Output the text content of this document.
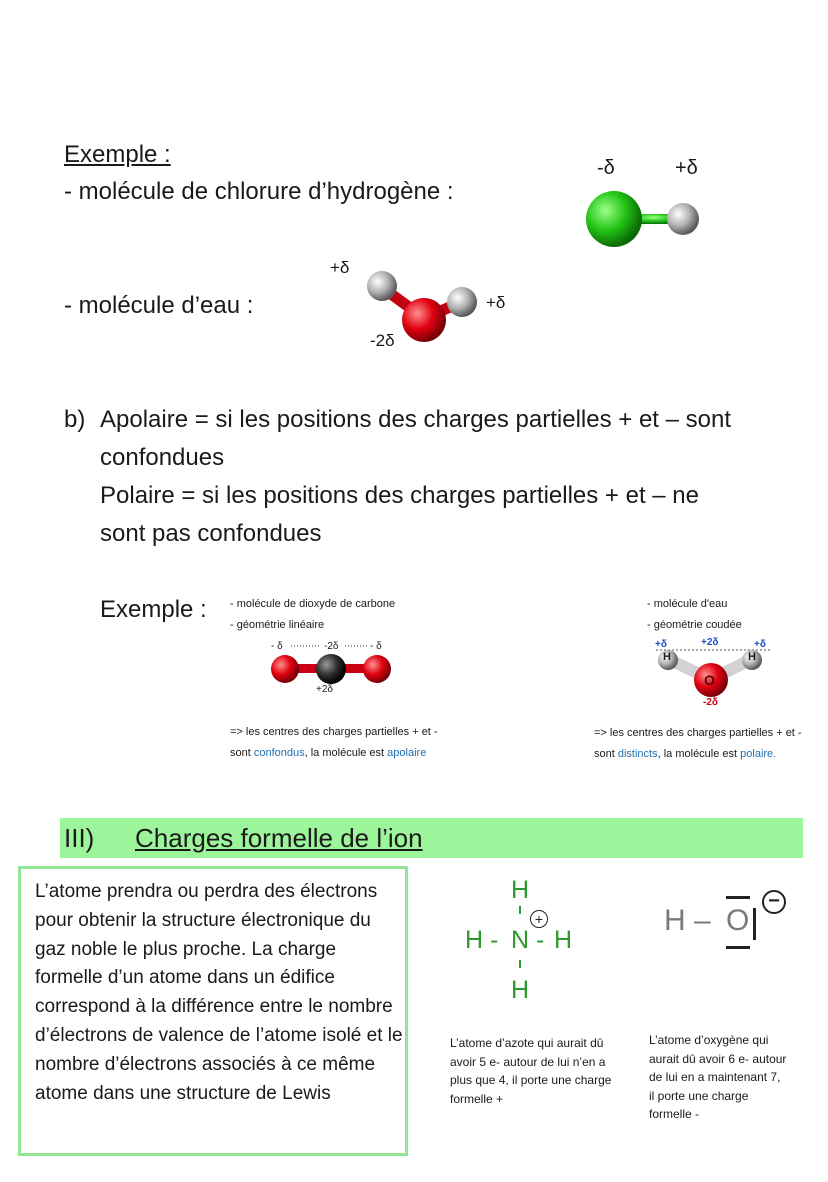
Exemple :
- molécule de chlorure d’hydrogène :
-δ	+δ
- molécule d’eau :
+δ
+δ
-2δ
b) Apolaire = si les positions des charges partielles + et – sont
confondues
Polaire = si les positions des charges partielles + et – ne
sont pas confondues
Exemple : - molécule de dioxyde de carbone
- géométrie linéaire
- δ	-2δ	- δ
+2δ
=> les centres des charges partielles + et -
sont confondus, la molécule est apolaire
- molécule d'eau
- géométrie coudée
+δ	+2δ	+δ
-2δ
H	H
O
=> les centres des charges partielles + et -
sont distincts, la molécule est polaire.
III) Charges formelle de l’ion
L’atome prendra ou perdra des électrons pour obtenir la structure électronique du gaz noble le plus proche. La charge formelle d’un atome dans un édifice correspond à la différence entre le nombre d’électrons de valence de l’atome isolé et le nombre d’électrons associés à ce même atome dans une structure de Lewis
H
H - N - H
H
+
L’atome d’azote qui aurait dû avoir 5 e- autour de lui n’en a plus que 4, il porte une charge formelle +
H – O
−
L’atome d’oxygène qui aurait dû avoir 6 e- autour de lui en a maintenant 7, il porte une charge formelle -
